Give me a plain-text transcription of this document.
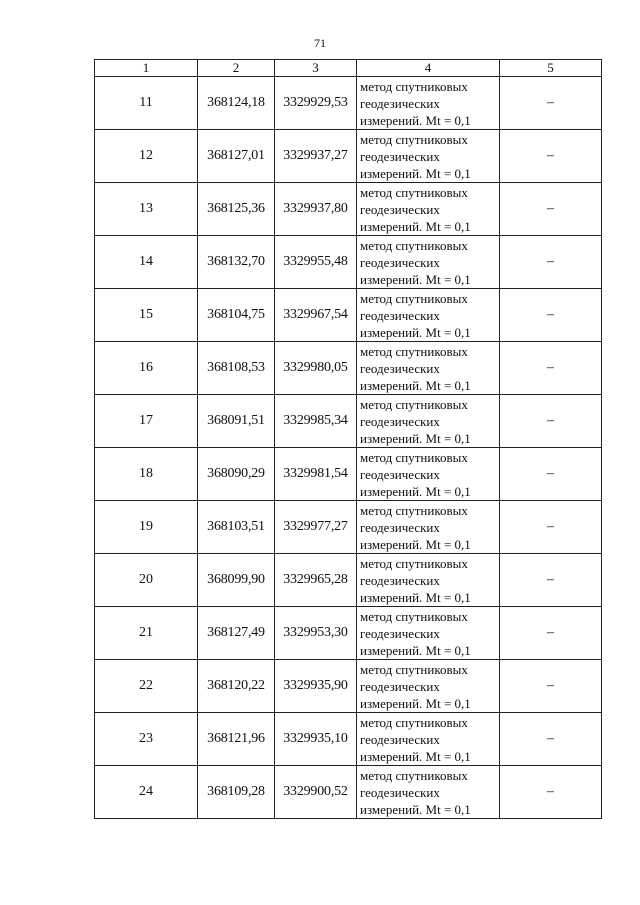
71
1	2	3	4	5
11	368124,18	3329929,53	метод спутниковых
геодезических
измерений. Mt = 0,1	–
12	368127,01	3329937,27	метод спутниковых
геодезических
измерений. Mt = 0,1	–
13	368125,36	3329937,80	метод спутниковых
геодезических
измерений. Mt = 0,1	–
14	368132,70	3329955,48	метод спутниковых
геодезических
измерений. Mt = 0,1	–
15	368104,75	3329967,54	метод спутниковых
геодезических
измерений. Mt = 0,1	–
16	368108,53	3329980,05	метод спутниковых
геодезических
измерений. Mt = 0,1	–
17	368091,51	3329985,34	метод спутниковых
геодезических
измерений. Mt = 0,1	–
18	368090,29	3329981,54	метод спутниковых
геодезических
измерений. Mt = 0,1	–
19	368103,51	3329977,27	метод спутниковых
геодезических
измерений. Mt = 0,1	–
20	368099,90	3329965,28	метод спутниковых
геодезических
измерений. Mt = 0,1	–
21	368127,49	3329953,30	метод спутниковых
геодезических
измерений. Mt = 0,1	–
22	368120,22	3329935,90	метод спутниковых
геодезических
измерений. Mt = 0,1	–
23	368121,96	3329935,10	метод спутниковых
геодезических
измерений. Mt = 0,1	–
24	368109,28	3329900,52	метод спутниковых
геодезических
измерений. Mt = 0,1	–
